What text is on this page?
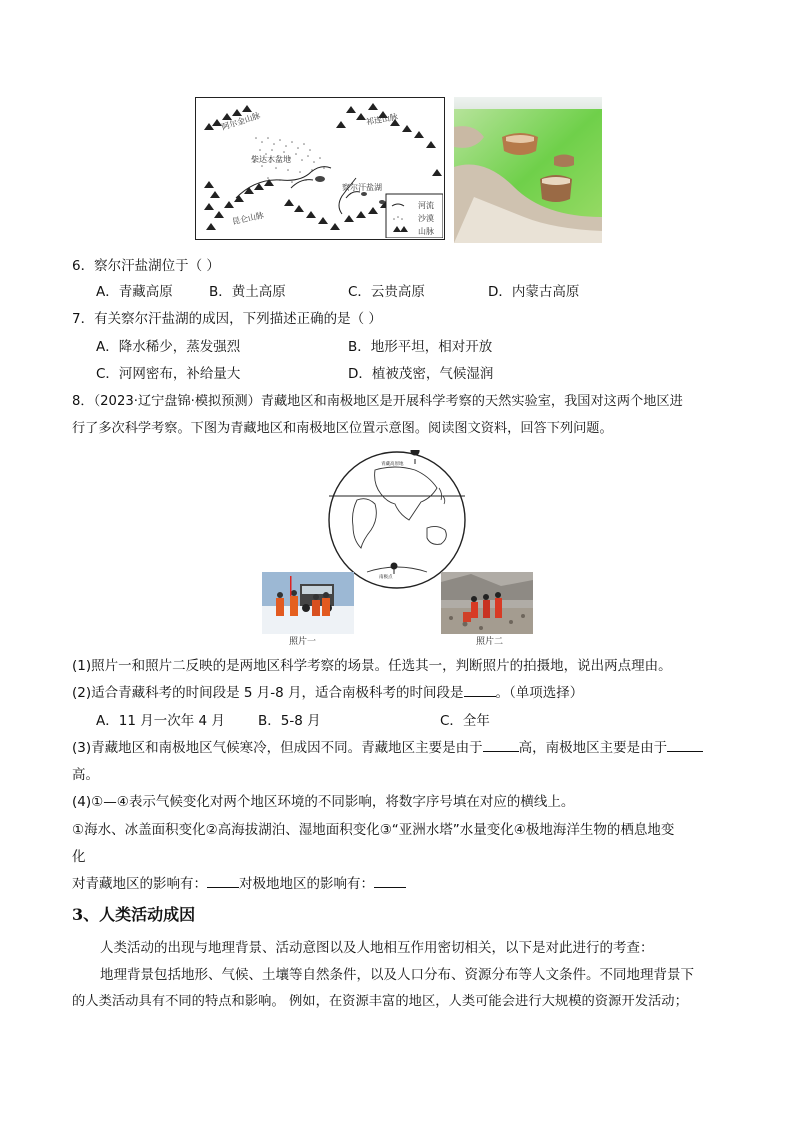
阿尔金山脉	祁连山脉
柴达木盆地
察尔汗盐湖
昆仑山脉
河流
沙漠
山脉
6．察尔汗盐湖位于（ ）
A．青藏高原	B．黄土高原	C．云贵高原	D．内蒙古高原
7．有关察尔汗盐湖的成因，下列描述正确的是（ ）
A．降水稀少，蒸发强烈	B．地形平坦，相对开放
C．河网密布，补给量大	D．植被茂密，气候湿润
8．（2023·辽宁盘锦·模拟预测）青藏地区和南极地区是开展科学考察的天然实验室，我国对这两个地区进
行了多次科学考察。下图为青藏地区和南极地区位置示意图。阅读图文资料，回答下列问题。
青藏高原地
南极点
照片一	照片二
(1)照片一和照片二反映的是两地区科学考察的场景。任选其一，判断照片的拍摄地，说出两点理由。
(2)适合青藏科考的时间段是 5 月-8 月，适合南极科考的时间段是 。（单项选择）
A．11 月一次年 4 月 B．5-8 月	C．全年
(3)青藏地区和南极地区气候寒冷，但成因不同。青藏地区主要是由于	高，南极地区主要是由于
高。
(4)①—④表示气候变化对两个地区环境的不同影响，将数字序号填在对应的横线上。
①海水、冰盖面积变化②高海拔湖泊、湿地面积变化③“亚洲水塔”水量变化④极地海洋生物的栖息地变
化
对青藏地区的影响有： 对极地地区的影响有：
3、人类活动成因
人类活动的出现与地理背景、活动意图以及人地相互作用密切相关，以下是对此进行的考查：
地理背景包括地形、气候、土壤等自然条件，以及人口分布、资源分布等人文条件。不同地理背景下
的人类活动具有不同的特点和影响。 例如，在资源丰富的地区，人类可能会进行大规模的资源开发活动；
